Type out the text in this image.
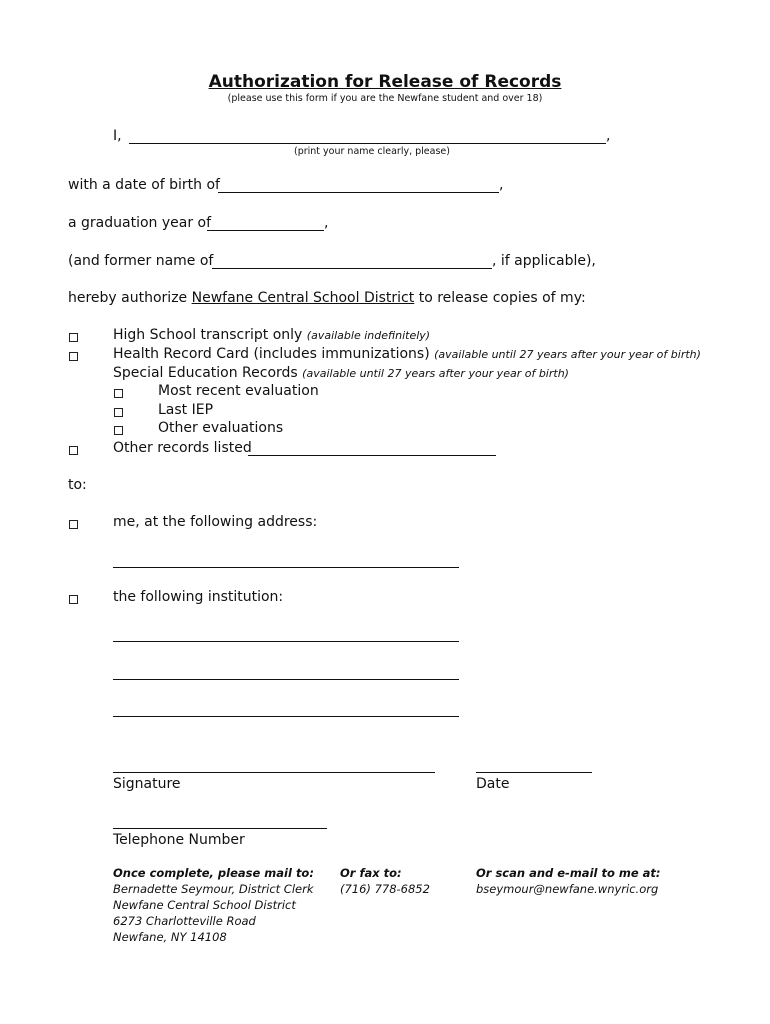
Authorization for Release of Records
(please use this form if you are the Newfane student and over 18)
I,	,
(print your name clearly, please)
with a date of birth of	,
a graduation year of	,
(and former name of	, if applicable),
hereby authorize Newfane Central School District to release copies of my:
High School transcript only (available indefinitely)
Health Record Card (includes immunizations) (available until 27 years after your year of birth)
Special Education Records (available until 27 years after your year of birth)
Most recent evaluation
Last IEP
Other evaluations
Other records listed
to:
me, at the following address:
the following institution:
Signature	Date
Telephone Number
Once complete, please mail to:
Bernadette Seymour, District Clerk
Newfane Central School District
6273 Charlotteville Road
Newfane, NY 14108
Or fax to:
(716) 778-6852
Or scan and e-mail to me at:
bseymour@newfane.wnyric.org
